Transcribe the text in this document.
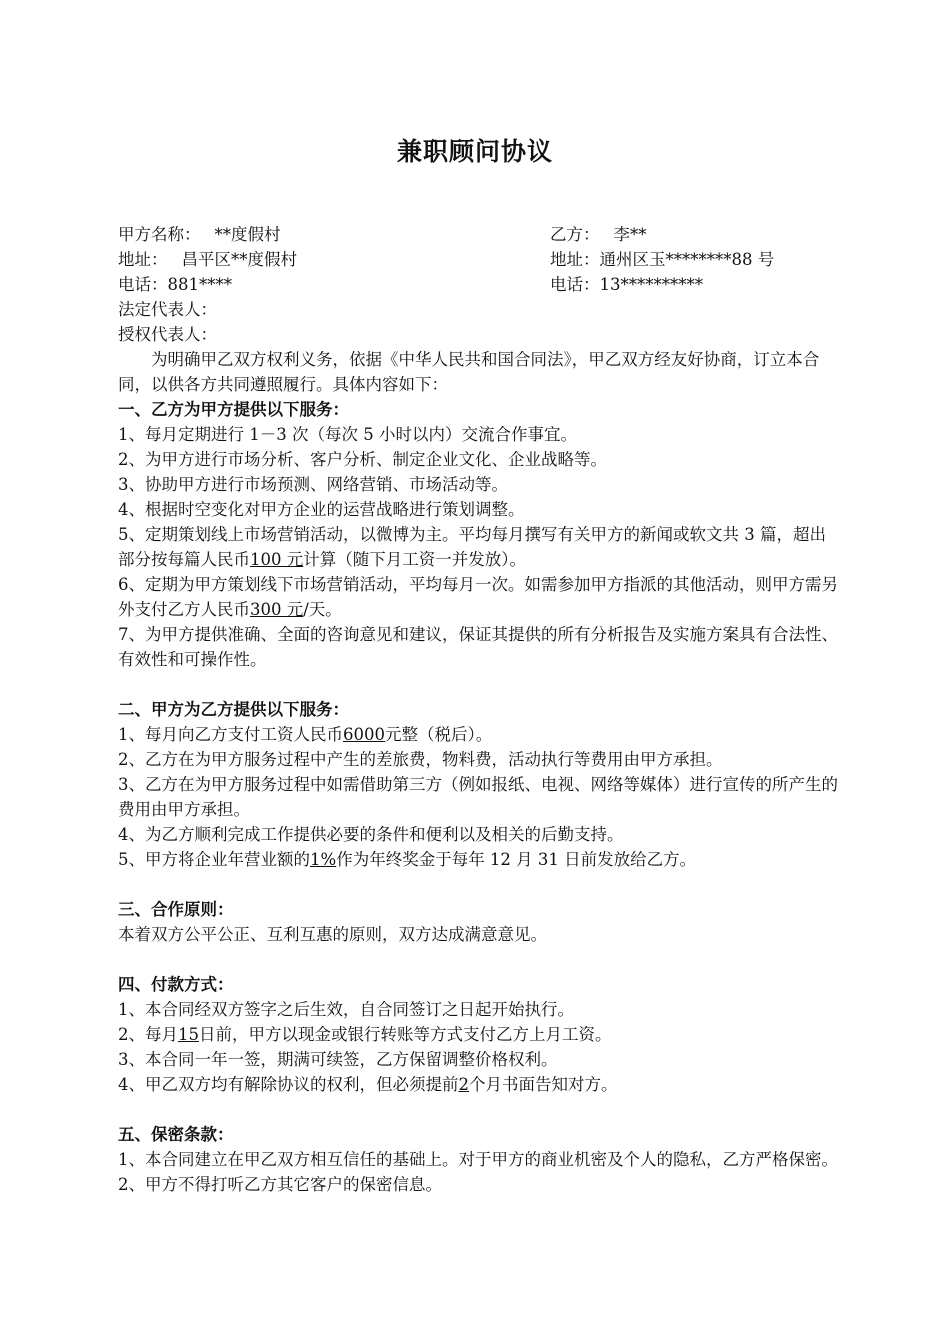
兼职顾问协议
甲方名称： **度假村	乙方： 李**
地址： 昌平区**度假村	地址：通州区玉********88 号
电话：881****	电话：13**********
法定代表人：
授权代表人：

为明确甲乙双方权利义务，依据《中华人民共和国合同法》，甲乙双方经友好协商，订立本合同，以供各方共同遵照履行。具体内容如下：

一、乙方为甲方提供以下服务：

1、每月定期进行 1－3 次（每次 5 小时以内）交流合作事宜。

2、为甲方进行市场分析、客户分析、制定企业文化、企业战略等。

3、协助甲方进行市场预测、网络营销、市场活动等。

4、根据时空变化对甲方企业的运营战略进行策划调整。

5、定期策划线上市场营销活动，以微博为主。平均每月撰写有关甲方的新闻或软文共 3 篇，超出部分按每篇人民币100 元计算（随下月工资一并发放）。

6、定期为甲方策划线下市场营销活动，平均每月一次。如需参加甲方指派的其他活动，则甲方需另外支付乙方人民币300 元/天。

7、为甲方提供准确、全面的咨询意见和建议，保证其提供的所有分析报告及实施方案具有合法性、有效性和可操作性。

二、甲方为乙方提供以下服务：

1、每月向乙方支付工资人民币6000元整（税后）。

2、乙方在为甲方服务过程中产生的差旅费，物料费，活动执行等费用由甲方承担。

3、乙方在为甲方服务过程中如需借助第三方（例如报纸、电视、网络等媒体）进行宣传的所产生的费用由甲方承担。

4、为乙方顺利完成工作提供必要的条件和便利以及相关的后勤支持。

5、甲方将企业年营业额的1%作为年终奖金于每年 12 月 31 日前发放给乙方。

三、合作原则：

本着双方公平公正、互利互惠的原则，双方达成满意意见。

四、付款方式：

1、本合同经双方签字之后生效，自合同签订之日起开始执行。

2、每月15日前，甲方以现金或银行转账等方式支付乙方上月工资。

3、本合同一年一签，期满可续签，乙方保留调整价格权利。

4、甲乙双方均有解除协议的权利，但必须提前2个月书面告知对方。

五、保密条款：

1、本合同建立在甲乙双方相互信任的基础上。对于甲方的商业机密及个人的隐私，乙方严格保密。

2、甲方不得打听乙方其它客户的保密信息。
